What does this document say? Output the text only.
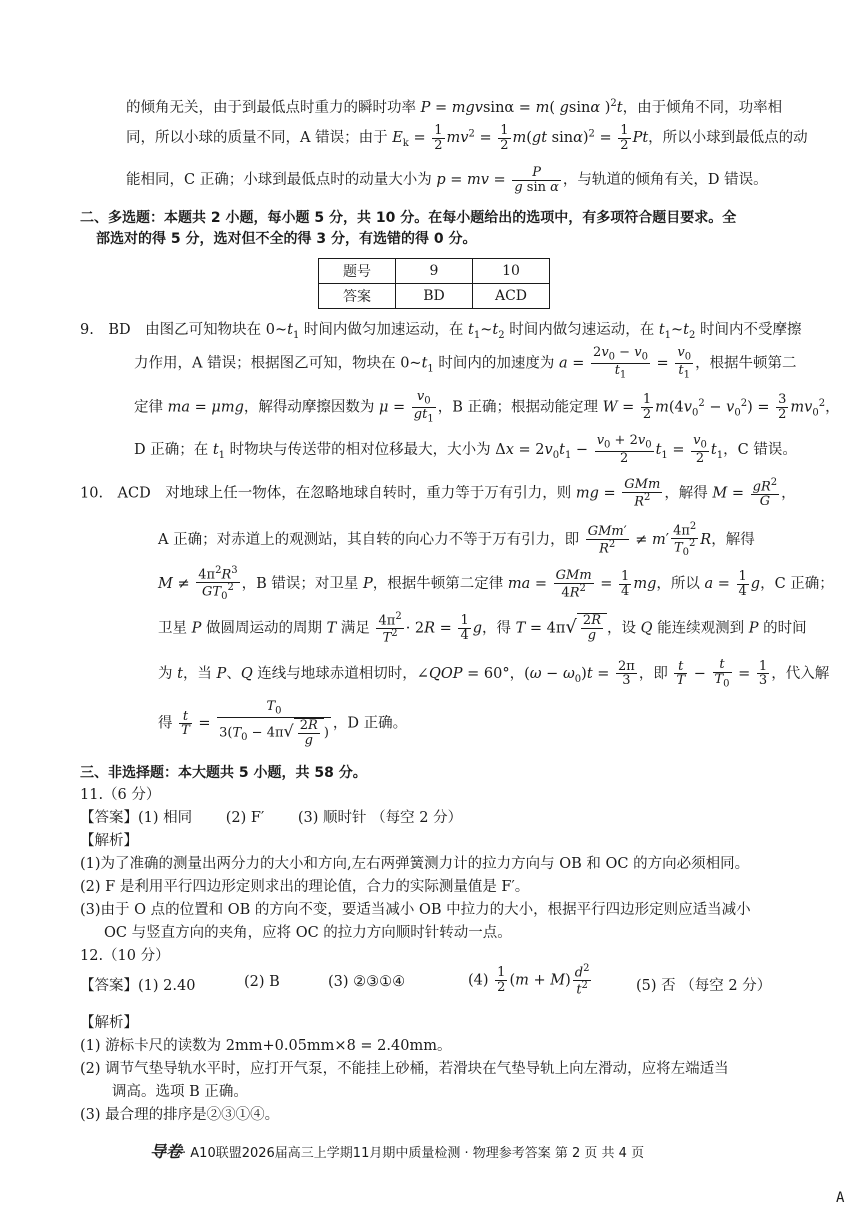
的倾角无关，由于到最低点时重力的瞬时功率 P = mgvsinα = m( gsinα )$^2$t，由于倾角不同，功率相
同，所以小球的质量不同，A 错误；由于 $E_k = \frac{1}{2} mv^2 = \frac{1}{2} m(gt$ $\sin\alpha)^2 = \frac{1}{2}$ Pt，所以小球到最低点的动
能相同，C 正确；小球到最低点时的动量大小为 p = mv = $\frac{P}{\text{g sin α}}$ ，与轨道的倾角有关，D 错误。
二、多选题：本题共 2 小题，每小题 5 分，共 10 分。在每小题给出的选项中，有多项符合题目要求。全
部选对的得 5 分，选对但不全的得 3 分，有选错的得 0 分。
题号	9	10
答案	BD	ACD
9.　BD　由图乙可知物块在 $0\sim t_1$ 时间内做匀加速运动，在 $t_1\sim t_2$ 时间内做匀速运动，在 $t_1\sim t_2$ 时间内不受摩擦
力作用，A 错误；根据图乙可知，物块在 $0\sim t_1$ 时间内的加速度为 $a = \frac{2v_0 - v_0}{t_1} = \frac{v_0}{t_1}$ ，根据牛顿第二
定律 ma = μmg，解得动摩擦因数为 $\mu = \frac{v_0}{gt_1}$ ，B 正确；根据动能定理 $W = \frac{1}{2} m(4v_0^2 - v_0^2) = \frac{3}{2} mv_0^2$，
D 正确；在 $t_1$ 时物块与传送带的相对位移最大，大小为 $\Delta x = 2v_0t_1 - \frac{v_0 + 2v_0}{2} t_1 = \frac{v_0}{2} t_1$，C 错误。
10.　ACD　对地球上任一物体，在忽略地球自转时，重力等于万有引力，则 mg = $\frac{\text{GMm}}{R^2}$ ，解得 $M = \frac{gR^2}{G}$ ，
A 正确；对赤道上的观测站，其自转的向心力不等于万有引力，即 $\frac{\text{GMm′}}{R^2} \ne m' \frac{4\pi^2}{T_0^2}$ R，解得
$M \ne \frac{4\pi^2R^3}{GT_0^2}$ ，B 错误；对卫星 P，根据牛顿第二定律 ma = $\frac{\text{GMm}}{4R^2} = \frac{1}{4}$ mg，所以 $a = \frac{1}{4}$ g，C 正确；
卫星 P 做圆周运动的周期 T 满足 $\frac{4\pi^2}{T^2} \cdot 2R = \frac{1}{4}$ g，得 $T = 4\pi√ \frac{2R}{g}$ ，设 Q 能连续观测到 P 的时间
为 t，当 P、Q 连线与地球赤道相切时，∠QOP = 60°，$(\omega - \omega_0)t = \frac{2\pi}{3}$ ，即 $\frac{t}{T} - \frac{t}{T_0} = \frac{1}{3}$ ，代入解
得 $\frac{t}{T} = \frac{T_0}{3(T_0 - 4\pi√ \frac{2R}{g} )}$ ，D 正确。
三、非选择题：本大题共 5 小题，共 58 分。
11.（6 分）
【答案】(1) 相同　　 (2) F′　　 (3) 顺时针 （每空 2 分）
【解析】
(1)为了准确的测量出两分力的大小和方向,左右两弹簧测力计的拉力方向与 OB 和 OC 的方向必须相同。
(2) F 是利用平行四边形定则求出的理论值，合力的实际测量值是 F′。
(3)由于 O 点的位置和 OB 的方向不变，要适当减小 OB 中拉力的大小，根据平行四边形定则应适当减小
OC 与竖直方向的夹角，应将 OC 的拉力方向顺时针转动一点。
12.（10 分）
【答案】(1) 2.40	(2) B	(3) ②③①④	$(4) \frac{1}{2} (m + M) \frac{d^2}{t^2}$	(5) 否 （每空 2 分）
【解析】
(1) 游标卡尺的读数为 2mm+0.05mm×8 = 2.40mm。
(2) 调节气垫导轨水平时，应打开气泵，不能挂上砂桶，若滑块在气垫导轨上向左滑动，应将左端适当
调高。选项 B 正确。
(3) 最合理的排序是②③①④。
导卷· A10联盟2026届高三上学期11月期中质量检测 · 物理参考答案 第 2 页 共 4 页
A
